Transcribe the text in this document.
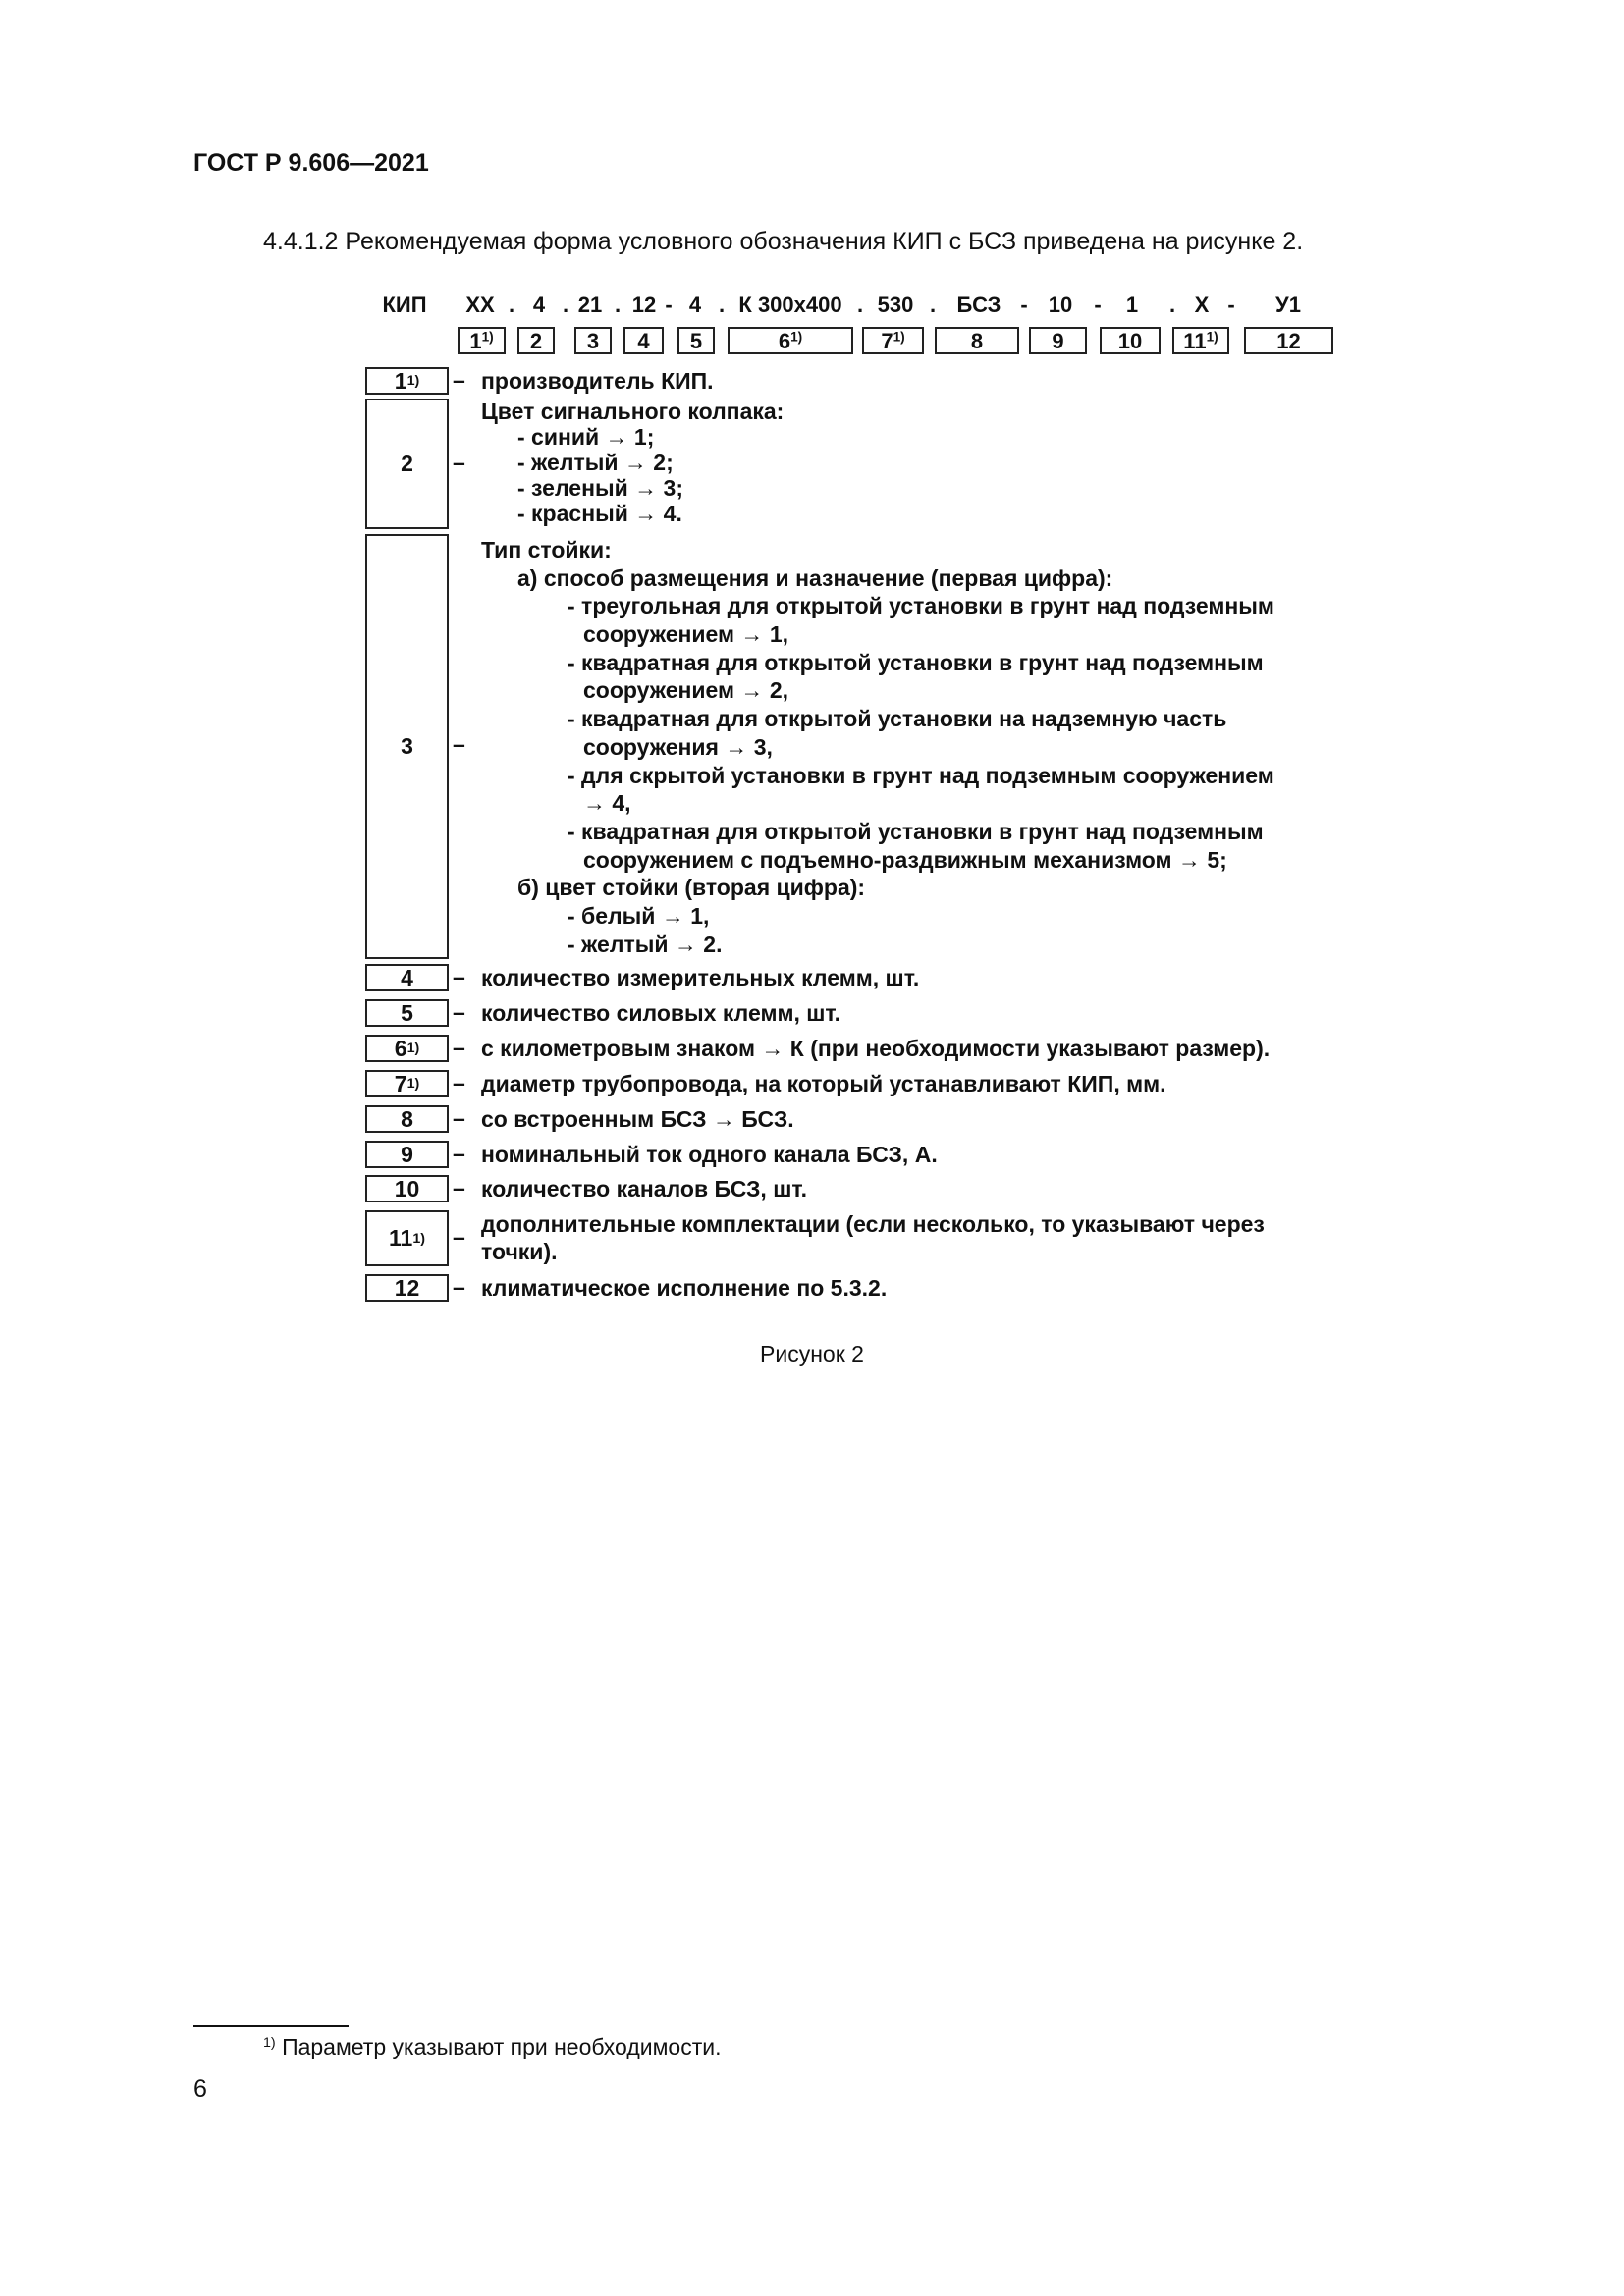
ГОСТ Р 9.606—2021
4.4.1.2 Рекомендуемая форма условного обозначения КИП с БСЗ приведена на рисунке 2.
КИП ХХ . 4 . 21 . 12 - 4 . К 300х400 . 530 . БСЗ - 10 - 1 . Х - У1
1$^{1)}$	2	3	4	5	6$^{1)}$	7$^{1)}$	8	9	10	11$^{1)}$	12
1 1) – производитель КИП.
2 –
Цвет сигнального колпака:
- синий → 1;
- желтый → 2;
- зеленый → 3;
- красный → 4.
3 –
Тип стойки:
а) способ размещения и назначение (первая цифра):
- треугольная для открытой установки в грунт над подземным
сооружением → 1,
- квадратная для открытой установки в грунт над подземным
сооружением → 2,
- квадратная для открытой установки на надземную часть
сооружения → 3,
- для скрытой установки в грунт над подземным сооружением
→ 4,
- квадратная для открытой установки в грунт над подземным
сооружением с подъемно-раздвижным механизмом → 5;
б) цвет стойки (вторая цифра):
- белый → 1,
- желтый → 2.
4 – количество измерительных клемм, шт.
5 – количество силовых клемм, шт.
6 1) – с километровым знаком → К (при необходимости указывают размер).
7 1) – диаметр трубопровода, на который устанавливают КИП, мм.
8 – со встроенным БСЗ → БСЗ.
9 – номинальный ток одного канала БСЗ, А.
10 – количество каналов БСЗ, шт.
11 1) – дополнительные комплектации (если несколько, то указывают через
точки).
12 – климатическое исполнение по 5.3.2.
Рисунок 2
$^{1)}$ Параметр указывают при необходимости.
6
